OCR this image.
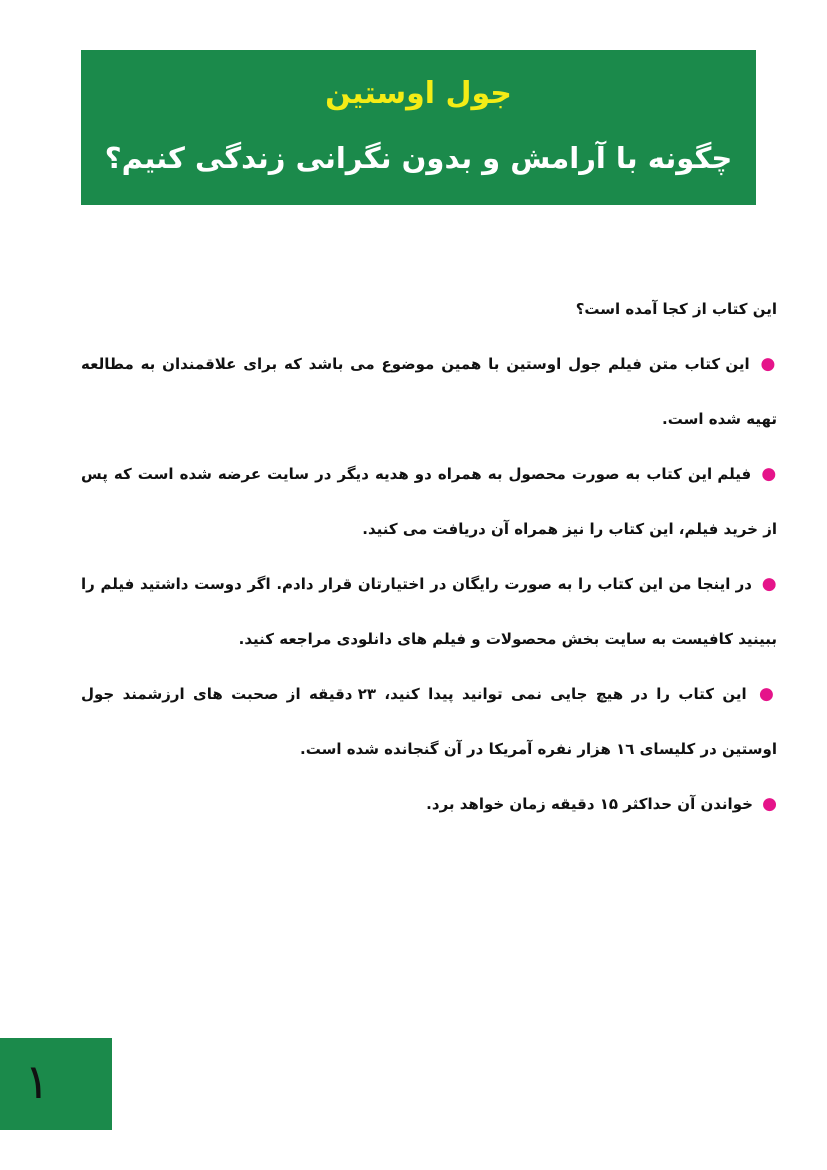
جول اوستین
چگونه با آرامش و بدون نگرانی زندگی کنیم؟

این کتاب از کجا آمده است؟

● این کتاب متن فیلم جول اوستین با همین موضوع می باشد که برای علاقمندان به مطالعه تهیه شده است.

● فیلم این کتاب به صورت محصول به همراه دو هدیه دیگر در سایت عرضه شده است که پس از خرید فیلم، این کتاب را نیز همراه آن دریافت می کنید.

● در اینجا من این کتاب را به صورت رایگان در اختیارتان قرار دادم. اگر دوست داشتید فیلم را ببینید کافیست به سایت بخش محصولات و فیلم های دانلودی مراجعه کنید.

● این کتاب را در هیچ جایی نمی توانید پیدا کنید، ۲۳ دقیقه از صحبت های ارزشمند جول اوستین در کلیسای ١٦ هزار نفره آمریکا در آن گنجانده شده است.

● خواندن آن حداکثر ۱۵ دقیقه زمان خواهد برد.

١
